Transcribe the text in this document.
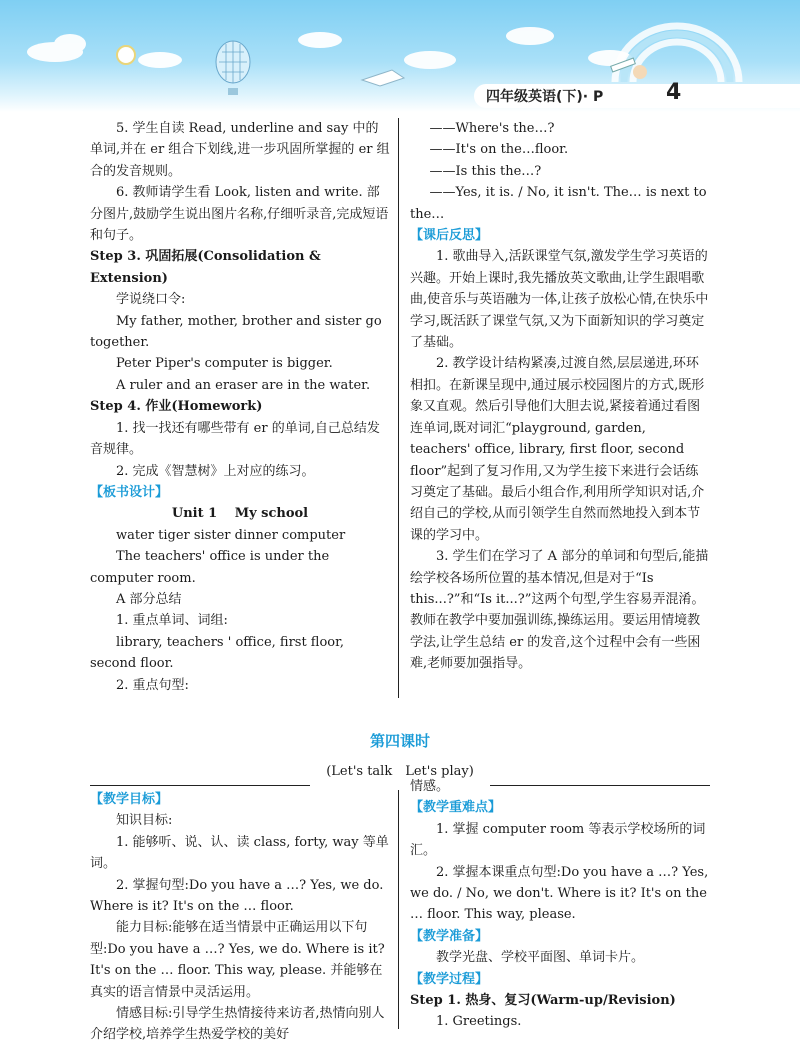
四年级英语(下)· P	4

5. 学生自读 Read, underline and say 中的单词,并在 er 组合下划线,进一步巩固所掌握的 er 组合的发音规则。

6. 教师请学生看 Look, listen and write. 部分图片,鼓励学生说出图片名称,仔细听录音,完成短语和句子。

Step 3. 巩固拓展(Consolidation & Extension)

学说绕口令:

My father, mother, brother and sister go together.

Peter Piper's computer is bigger.

A ruler and an eraser are in the water.

Step 4. 作业(Homework)

1. 找一找还有哪些带有 er 的单词,自己总结发音规律。

2. 完成《智慧树》上对应的练习。

【板书设计】

Unit 1 　My school

water tiger sister dinner computer

The teachers' office is under the computer room.

A 部分总结

1. 重点单词、词组:

library, teachers ' office, first floor, second floor.

2. 重点句型:

——Where's the…?

——It's on the…floor.

——Is this the…?

——Yes, it is. / No, it isn't. The… is next to the…

【课后反思】

1. 歌曲导入,活跃课堂气氛,激发学生学习英语的兴趣。开始上课时,我先播放英文歌曲,让学生跟唱歌曲,使音乐与英语融为一体,让孩子放松心情,在快乐中学习,既活跃了课堂气氛,又为下面新知识的学习奠定了基础。

2. 教学设计结构紧凑,过渡自然,层层递进,环环相扣。在新课呈现中,通过展示校园图片的方式,既形象又直观。然后引导他们大胆去说,紧接着通过看图连单词,既对词汇“playground, garden, teachers' office, library, first floor, second floor”起到了复习作用,又为学生接下来进行会话练习奠定了基础。最后小组合作,利用所学知识对话,介绍自己的学校,从而引领学生自然而然地投入到本节课的学习中。

3. 学生们在学习了 A 部分的单词和句型后,能描绘学校各场所位置的基本情况,但是对于“Is this...?”和“Is it...?”这两个句型,学生容易弄混淆。教师在教学中要加强训练,操练运用。要运用情境教学法,让学生总结 er 的发音,这个过程中会有一些困难,老师要加强指导。

第四课时
(Let's talk　Let's play)

【教学目标】

知识目标:

1. 能够听、说、认、读 class, forty, way 等单词。

2. 掌握句型:Do you have a …? Yes, we do. Where is it? It's on the … floor.

能力目标:能够在适当情景中正确运用以下句型:Do you have a …? Yes, we do. Where is it? It's on the … floor. This way, please. 并能够在真实的语言情景中灵活运用。

情感目标:引导学生热情接待来访者,热情向别人介绍学校,培养学生热爱学校的美好

情感。

【教学重难点】

1. 掌握 computer room 等表示学校场所的词汇。

2. 掌握本课重点句型:Do you have a …? Yes, we do. / No, we don't. Where is it? It's on the … floor. This way, please.

【教学准备】

教学光盘、学校平面图、单词卡片。

【教学过程】

Step 1. 热身、复习(Warm-up/Revision)

1. Greetings.
